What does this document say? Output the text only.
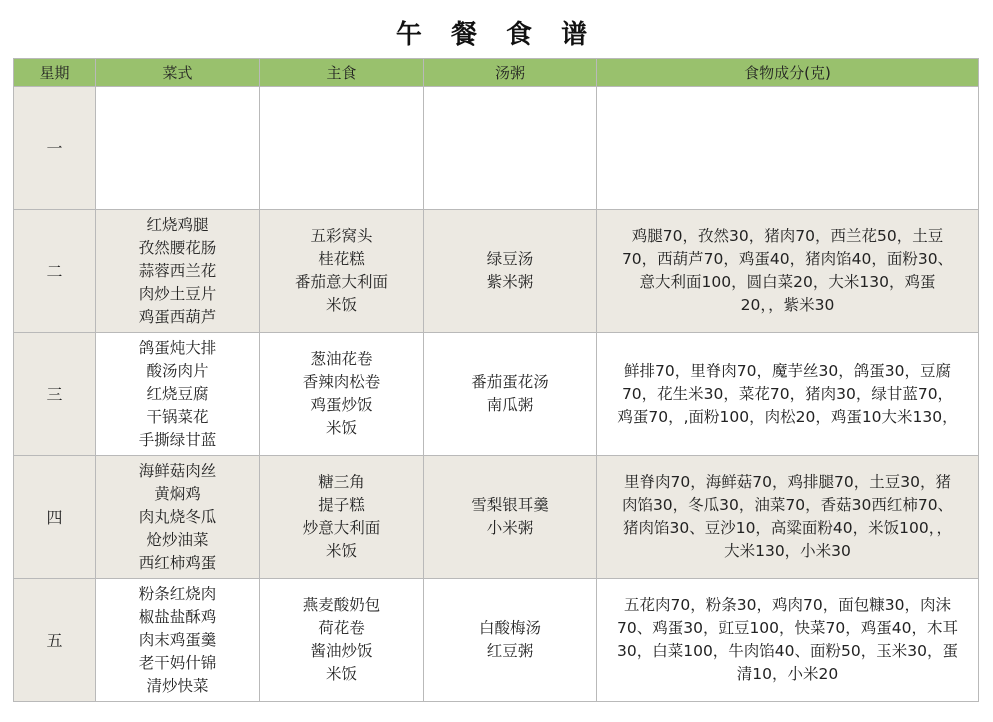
午 餐 食 谱
星期	菜式	主食	汤粥	食物成分(克)
一				
二	红烧鸡腿
孜然腰花肠
蒜蓉西兰花
肉炒土豆片
鸡蛋西葫芦	五彩窝头
桂花糕
番茄意大利面
米饭	绿豆汤
紫米粥	鸡腿70，孜然30，猪肉70，西兰花50，土豆
70，西葫芦70，鸡蛋40，猪肉馅40，面粉30、
意大利面100，圆白菜20，大米130，鸡蛋
20，，紫米30

三	鸽蛋炖大排
酸汤肉片
红烧豆腐
干锅菜花
手撕绿甘蓝	葱油花卷
香辣肉松卷
鸡蛋炒饭
米饭	番茄蛋花汤
南瓜粥	鲜排70，里脊肉70，魔芋丝30，鸽蛋30，豆腐
70，花生米30，菜花70，猪肉30，绿甘蓝70，
鸡蛋70，,面粉100，肉松20，鸡蛋10大米130，

四	海鲜菇肉丝
黄焖鸡
肉丸烧冬瓜
炝炒油菜
西红柿鸡蛋	糖三角
提子糕
炒意大利面
米饭	雪梨银耳羹
小米粥	里脊肉70，海鲜菇70，鸡排腿70，土豆30，猪
肉馅30，冬瓜30，油菜70，香菇30西红柿70、
猪肉馅30、豆沙10，高粱面粉40，米饭100，，
大米130，小米30

五	粉条红烧肉
椒盐盐酥鸡
肉末鸡蛋羹
老干妈什锦
清炒快菜	燕麦酸奶包
荷花卷
酱油炒饭
米饭	白酸梅汤
红豆粥	五花肉70，粉条30，鸡肉70，面包糠30，肉沫
70、鸡蛋30，豇豆100，快菜70，鸡蛋40，木耳
30，白菜100，牛肉馅40、面粉50，玉米30，蛋
清10，小米20
